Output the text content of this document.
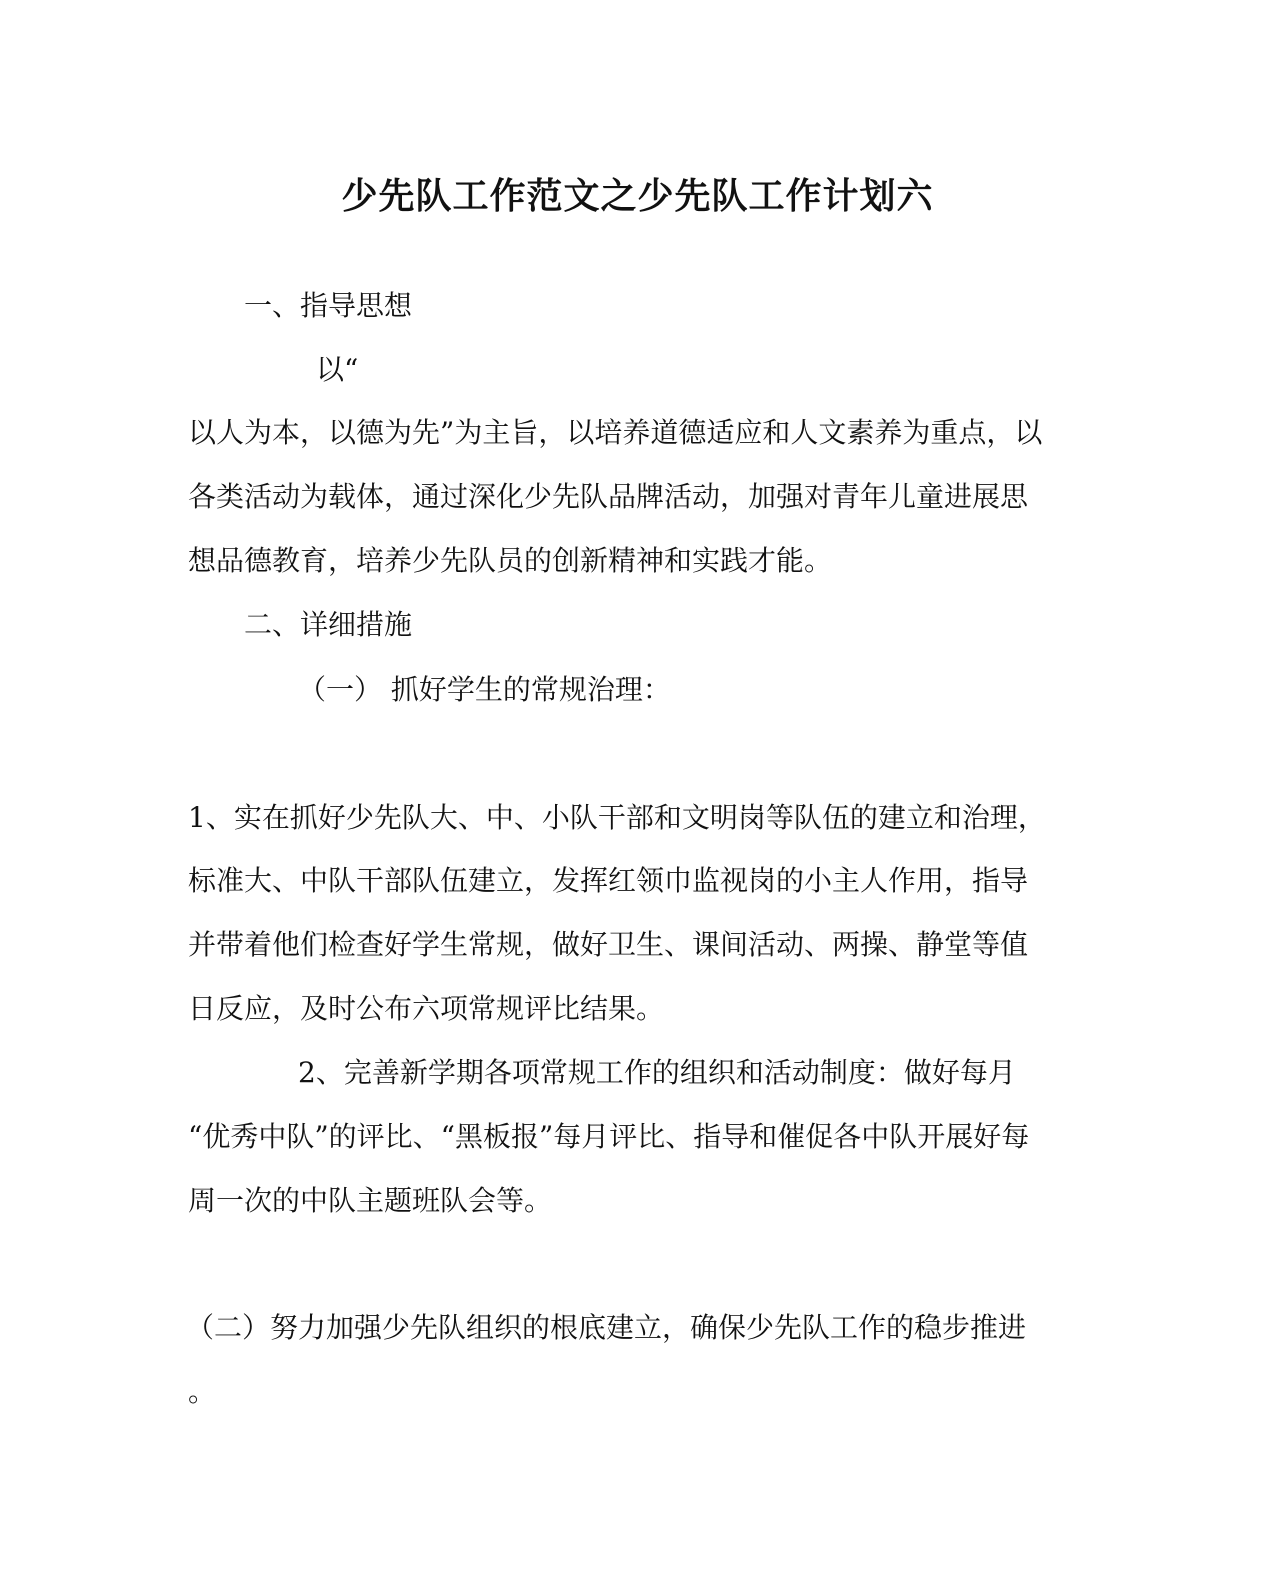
少先队工作范文之少先队工作计划六
一、指导思想
以“
以人为本，以德为先”为主旨，以培养道德适应和人文素养为重点，以
各类活动为载体，通过深化少先队品牌活动，加强对青年儿童进展思
想品德教育，培养少先队员的创新精神和实践才能。
二、详细措施
（一） 抓好学生的常规治理：
1、实在抓好少先队大、中、小队干部和文明岗等队伍的建立和治理，
标准大、中队干部队伍建立，发挥红领巾监视岗的小主人作用，指导
并带着他们检查好学生常规，做好卫生、课间活动、两操、静堂等值
日反应，及时公布六项常规评比结果。
2、完善新学期各项常规工作的组织和活动制度：做好每月
“优秀中队”的评比、“黑板报”每月评比、指导和催促各中队开展好每
周一次的中队主题班队会等。
（二）努力加强少先队组织的根底建立，确保少先队工作的稳步推进
。
